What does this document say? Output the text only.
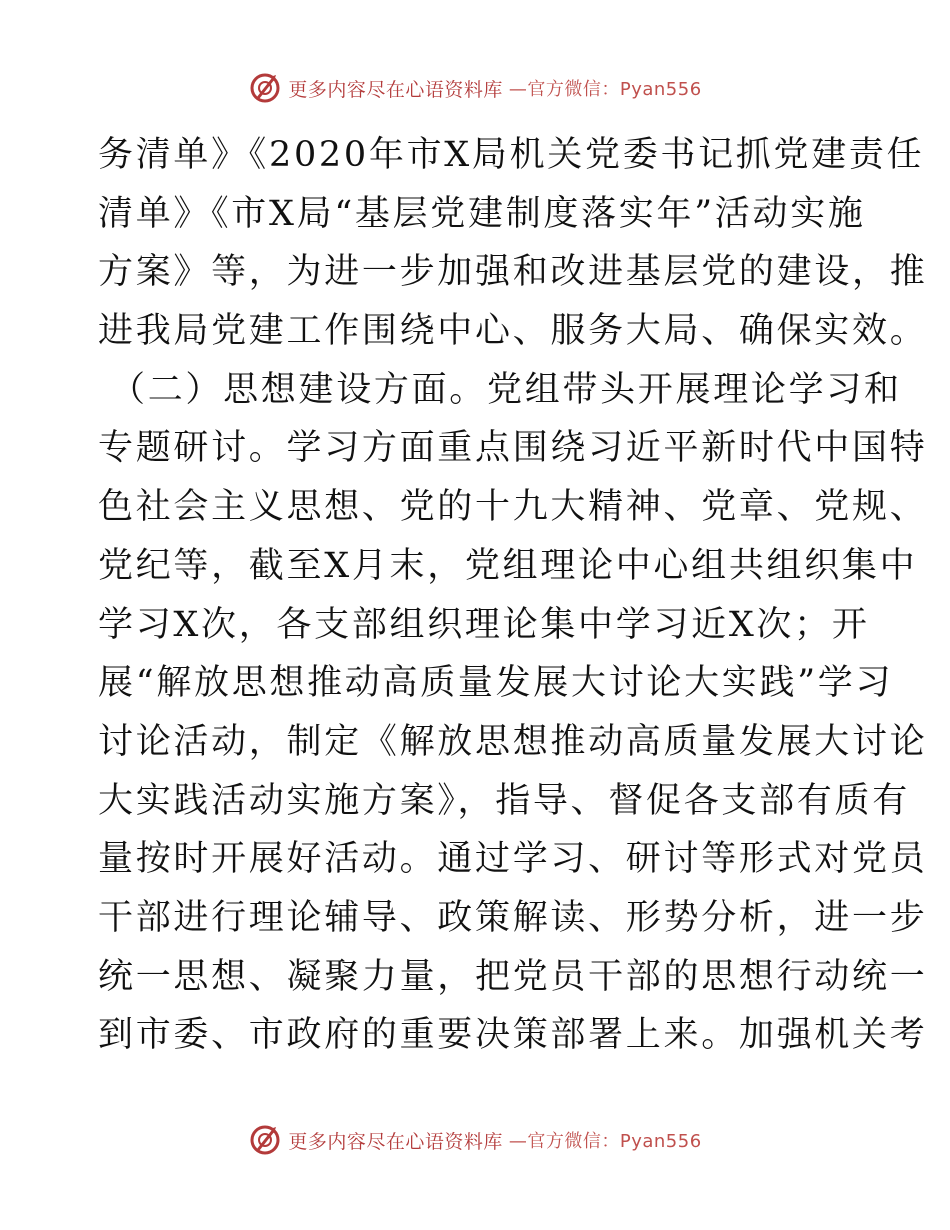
更多内容尽在心语资料库 —官方微信：Pyan556
务清单》《2020年市X局机关党委书记抓党建责任
清单》《市X局“基层党建制度落实年”活动实施
方案》等，为进一步加强和改进基层党的建设，推
进我局党建工作围绕中心、服务大局、确保实效。
（二）思想建设方面。党组带头开展理论学习和
专题研讨。学习方面重点围绕习近平新时代中国特
色社会主义思想、党的十九大精神、党章、党规、
党纪等，截至X月末，党组理论中心组共组织集中
学习X次，各支部组织理论集中学习近X次；开
展“解放思想推动高质量发展大讨论大实践”学习
讨论活动，制定《解放思想推动高质量发展大讨论
大实践活动实施方案》，指导、督促各支部有质有
量按时开展好活动。通过学习、研讨等形式对党员
干部进行理论辅导、政策解读、形势分析，进一步
统一思想、凝聚力量，把党员干部的思想行动统一
到市委、市政府的重要决策部署上来。加强机关考
更多内容尽在心语资料库 —官方微信：Pyan556
